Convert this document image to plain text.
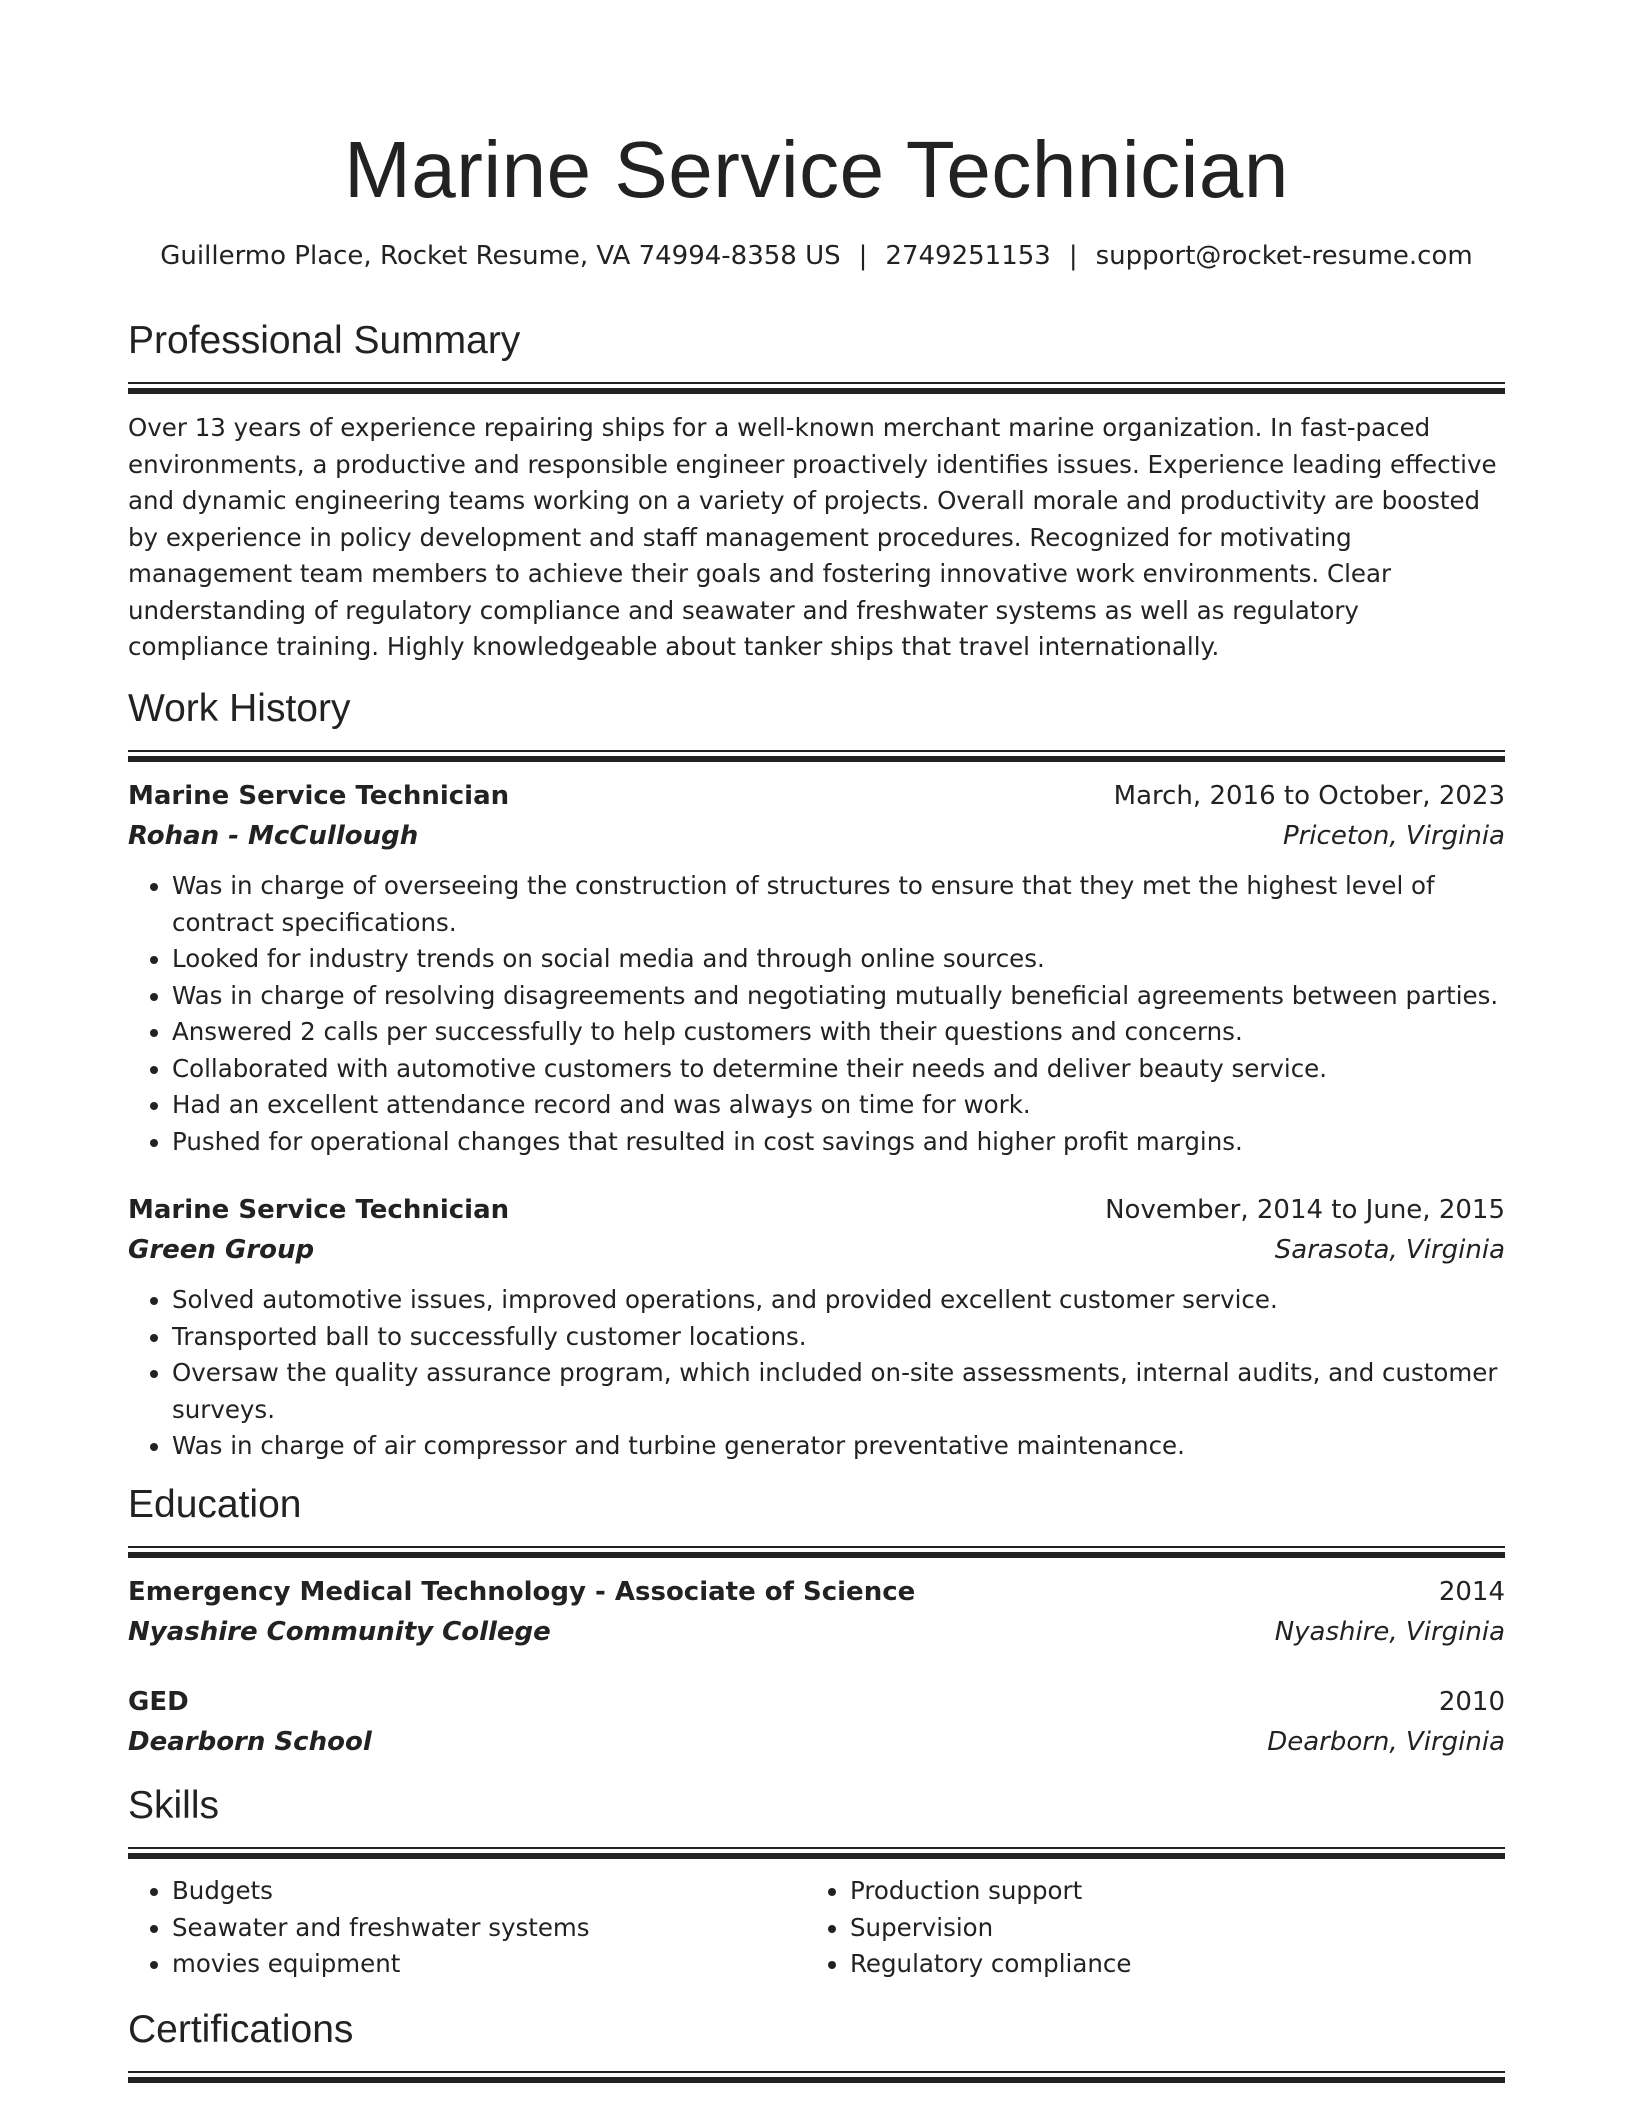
Marine Service Technician
Guillermo Place, Rocket Resume, VA 74994-8358 US | 2749251153 | support@rocket-resume.com
Professional Summary
Over 13 years of experience repairing ships for a well-known merchant marine organization. In fast-paced environments, a productive and responsible engineer proactively identifies issues. Experience leading effective and dynamic engineering teams working on a variety of projects. Overall morale and productivity are boosted by experience in policy development and staff management procedures. Recognized for motivating management team members to achieve their goals and fostering innovative work environments. Clear understanding of regulatory compliance and seawater and freshwater systems as well as regulatory compliance training. Highly knowledgeable about tanker ships that travel internationally.
Work History
Marine Service Technician	March, 2016 to October, 2023
Rohan - McCullough	Priceton, Virginia
• Was in charge of overseeing the construction of structures to ensure that they met the highest level of contract specifications.
• Looked for industry trends on social media and through online sources.
• Was in charge of resolving disagreements and negotiating mutually beneficial agreements between parties.
• Answered 2 calls per successfully to help customers with their questions and concerns.
• Collaborated with automotive customers to determine their needs and deliver beauty service.
• Had an excellent attendance record and was always on time for work.
• Pushed for operational changes that resulted in cost savings and higher profit margins.
Marine Service Technician	November, 2014 to June, 2015
Green Group	Sarasota, Virginia
• Solved automotive issues, improved operations, and provided excellent customer service.
• Transported ball to successfully customer locations.
• Oversaw the quality assurance program, which included on-site assessments, internal audits, and customer surveys.
• Was in charge of air compressor and turbine generator preventative maintenance.
Education
Emergency Medical Technology - Associate of Science	2014
Nyashire Community College	Nyashire, Virginia
GED	2010
Dearborn School	Dearborn, Virginia
Skills
• Budgets
• Seawater and freshwater systems
• movies equipment
• Production support
• Supervision
• Regulatory compliance
Certifications
